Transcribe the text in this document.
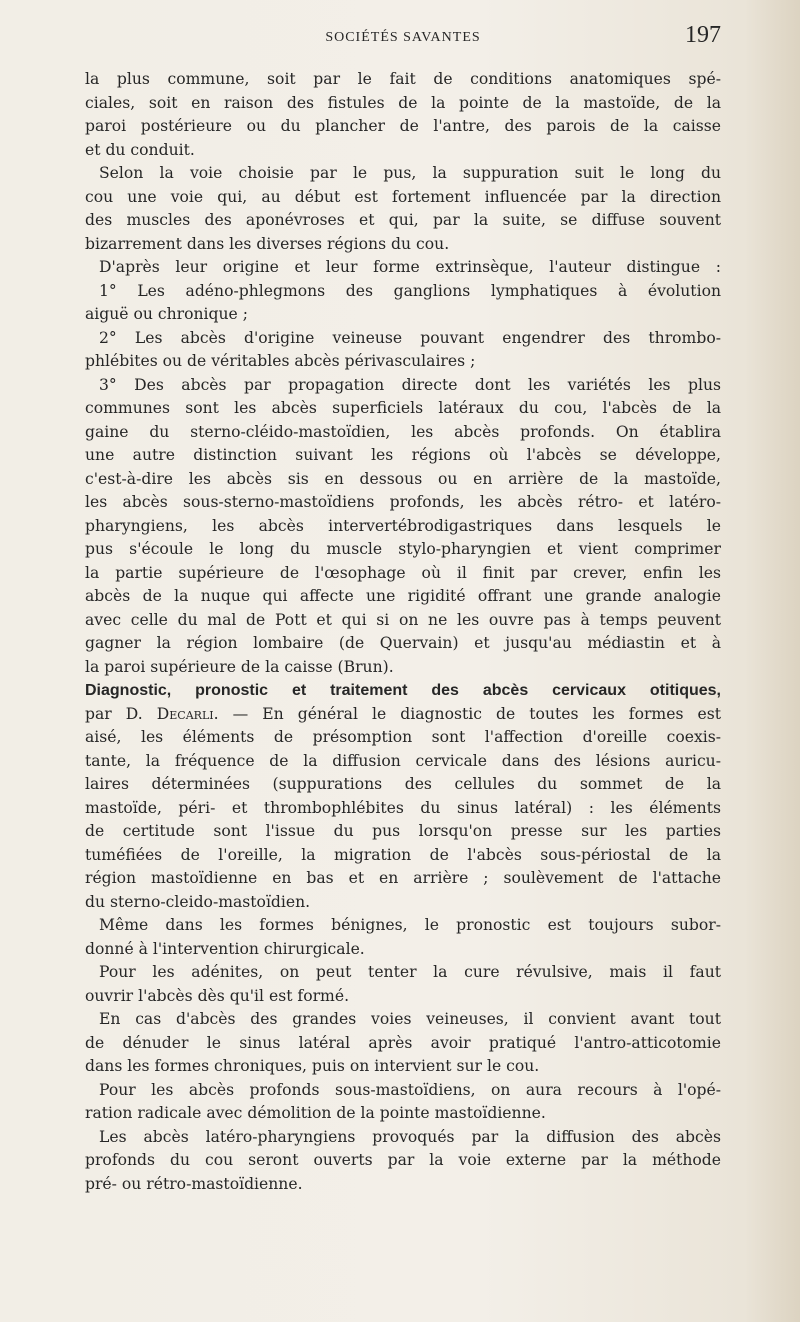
SOCIÉTÉS SAVANTES	197
la plus commune, soit par le fait de conditions anatomiques spé-
ciales, soit en raison des fistules de la pointe de la mastoïde, de la
paroi postérieure ou du plancher de l'antre, des parois de la caisse
et du conduit.
Selon la voie choisie par le pus, la suppuration suit le long du
cou une voie qui, au début est fortement influencée par la direction
des muscles des aponévroses et qui, par la suite, se diffuse souvent
bizarrement dans les diverses régions du cou.
D'après leur origine et leur forme extrinsèque, l'auteur distingue :
1° Les adéno-phlegmons des ganglions lymphatiques à évolution
aiguë ou chronique ;
2° Les abcès d'origine veineuse pouvant engendrer des thrombo-
phlébites ou de véritables abcès périvasculaires ;
3° Des abcès par propagation directe dont les variétés les plus
communes sont les abcès superficiels latéraux du cou, l'abcès de la
gaine du sterno-cléido-mastoïdien, les abcès profonds. On établira
une autre distinction suivant les régions où l'abcès se développe,
c'est-à-dire les abcès sis en dessous ou en arrière de la mastoïde,
les abcès sous-sterno-mastoïdiens profonds, les abcès rétro- et latéro-
pharyngiens, les abcès intervertébrodigastriques dans lesquels le
pus s'écoule le long du muscle stylo-pharyngien et vient comprimer
la partie supérieure de l'œsophage où il finit par crever, enfin les
abcès de la nuque qui affecte une rigidité offrant une grande analogie
avec celle du mal de Pott et qui si on ne les ouvre pas à temps peuvent
gagner la région lombaire (de Quervain) et jusqu'au médiastin et à
la paroi supérieure de la caisse (Brun).
Diagnostic, pronostic et traitement des abcès cervicaux otitiques,
par D. Decarli. — En général le diagnostic de toutes les formes est
aisé, les éléments de présomption sont l'affection d'oreille coexis-
tante, la fréquence de la diffusion cervicale dans des lésions auricu-
laires déterminées (suppurations des cellules du sommet de la
mastoïde, péri- et thrombophlébites du sinus latéral) : les éléments
de certitude sont l'issue du pus lorsqu'on presse sur les parties
tuméfiées de l'oreille, la migration de l'abcès sous-périostal de la
région mastoïdienne en bas et en arrière ; soulèvement de l'attache
du sterno-cleido-mastoïdien.
Même dans les formes bénignes, le pronostic est toujours subor-
donné à l'intervention chirurgicale.
Pour les adénites, on peut tenter la cure révulsive, mais il faut
ouvrir l'abcès dès qu'il est formé.
En cas d'abcès des grandes voies veineuses, il convient avant tout
de dénuder le sinus latéral après avoir pratiqué l'antro-atticotomie
dans les formes chroniques, puis on intervient sur le cou.
Pour les abcès profonds sous-mastoïdiens, on aura recours à l'opé-
ration radicale avec démolition de la pointe mastoïdienne.
Les abcès latéro-pharyngiens provoqués par la diffusion des abcès
profonds du cou seront ouverts par la voie externe par la méthode
pré- ou rétro-mastoïdienne.
